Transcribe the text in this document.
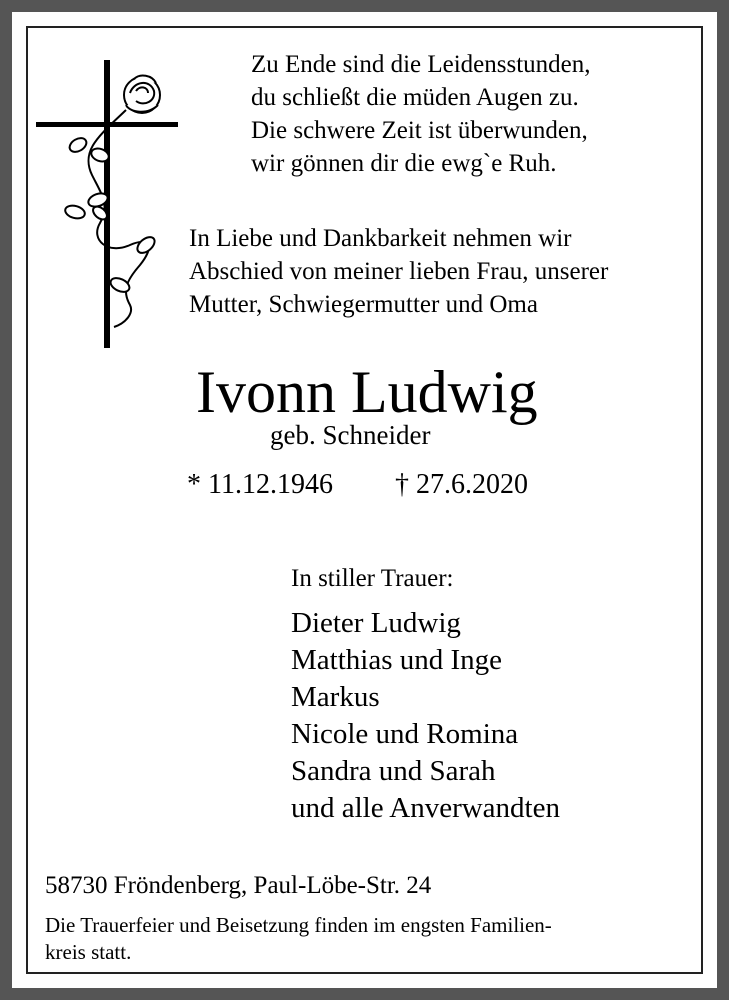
Zu Ende sind die Leidensstunden,
du schließt die müden Augen zu.
Die schwere Zeit ist überwunden,
wir gönnen dir die ewg`e Ruh.
In Liebe und Dankbarkeit nehmen wir
Abschied von meiner lieben Frau, unserer
Mutter, Schwiegermutter und Oma
Ivonn Ludwig
geb. Schneider
* 11.12.1946 † 27.6.2020
In stiller Trauer:
Dieter Ludwig
Matthias und Inge
Markus
Nicole und Romina
Sandra und Sarah
und alle Anverwandten
58730 Fröndenberg, Paul-Löbe-Str. 24
Die Trauerfeier und Beisetzung finden im engsten Familien-
kreis statt.
